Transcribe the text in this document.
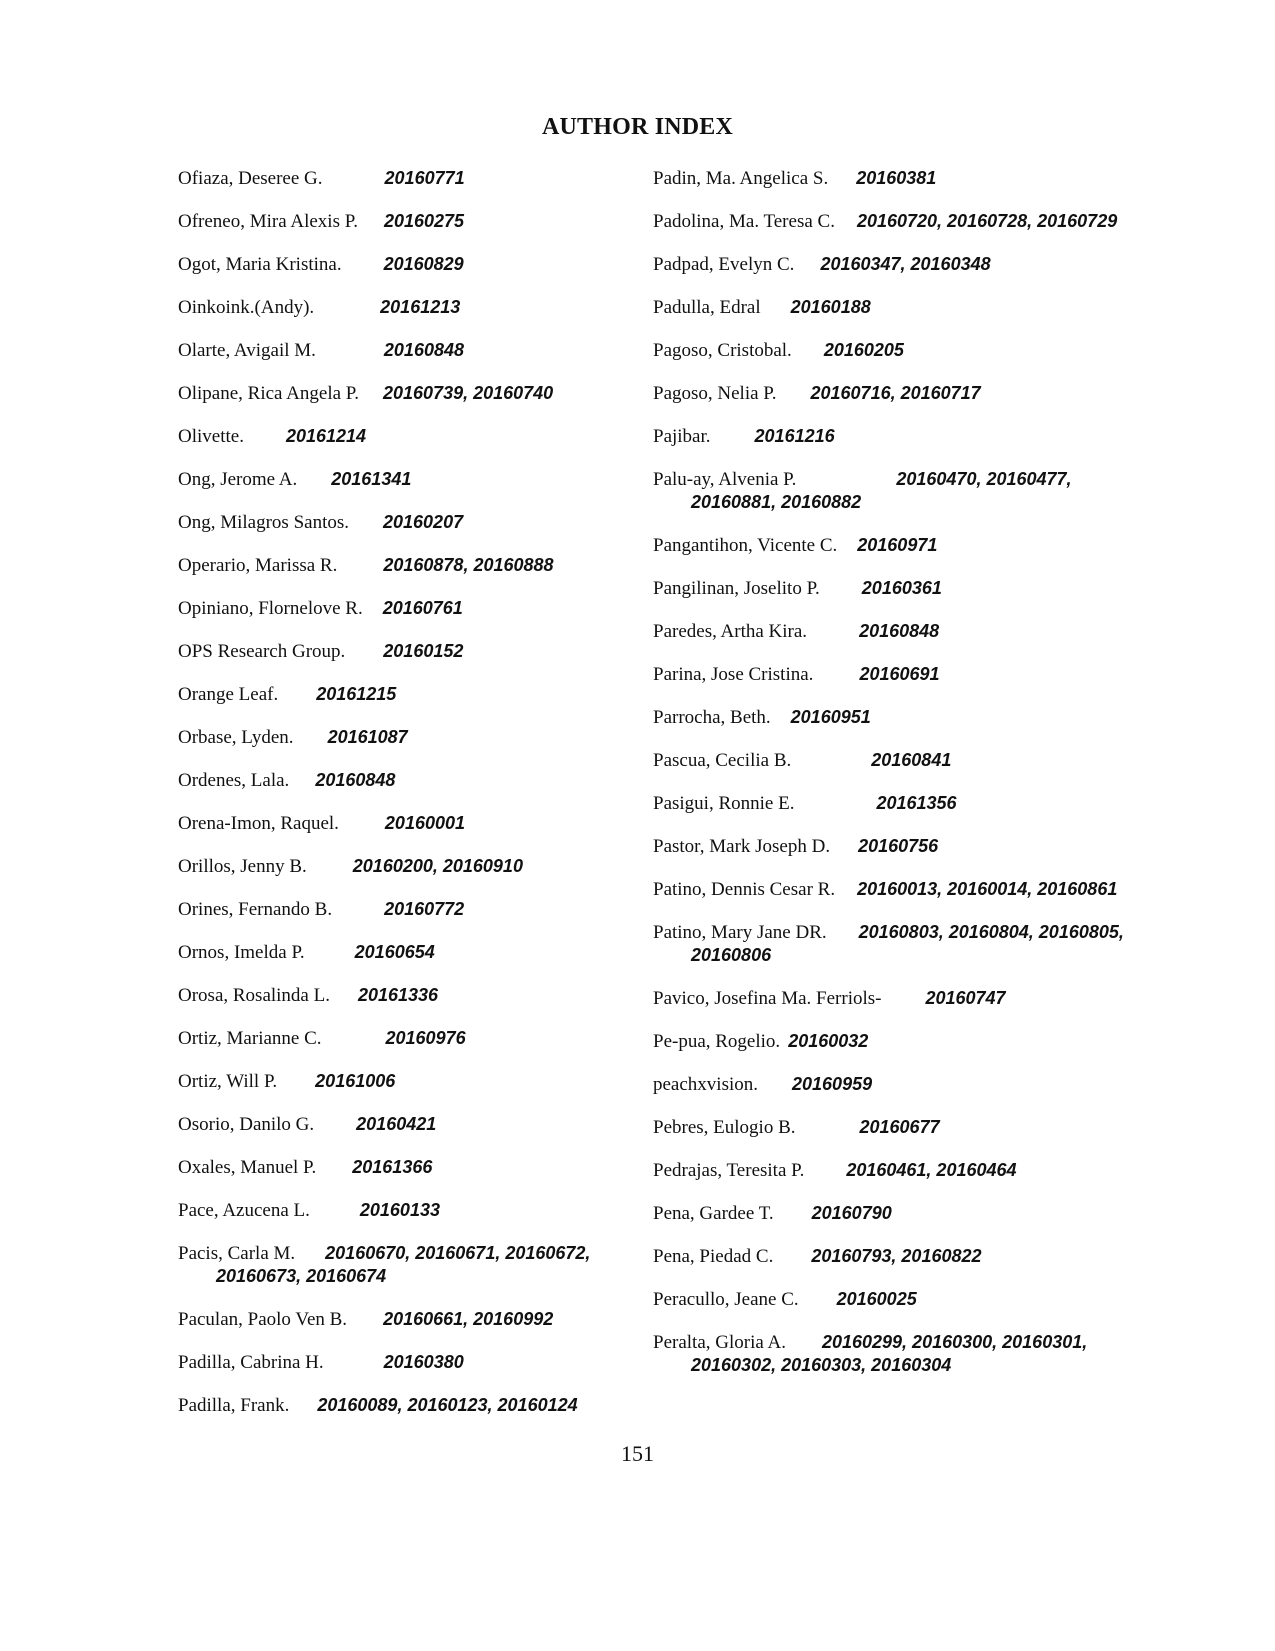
AUTHOR INDEX
Ofiaza, Deseree G.	20160771
Ofreneo, Mira Alexis P. 20160275
Ogot, Maria Kristina. 20160829
Oinkoink.(Andy).	20161213
Olarte, Avigail M.	20160848
Olipane, Rica Angela P. 20160739, 20160740
Olivette. 20161214
Ong, Jerome A. 20161341
Ong, Milagros Santos. 20160207
Operario, Marissa R.	20160878, 20160888
Opiniano, Flornelove R. 20160761
OPS Research Group. 20160152
Orange Leaf. 20161215
Orbase, Lyden. 20161087
Ordenes, Lala. 20160848
Orena-Imon, Raquel.	20160001
Orillos, Jenny B.	20160200, 20160910
Orines, Fernando B.	20160772
Ornos, Imelda P.	20160654
Orosa, Rosalinda L. 20161336
Ortiz, Marianne C.	20160976
Ortiz, Will P. 20161006
Osorio, Danilo G. 20160421
Oxales, Manuel P. 20161366
Pace, Azucena L.	20160133
Pacis, Carla M. 20160670, 20160671, 20160672, 20160673, 20160674
Paculan, Paolo Ven B. 20160661, 20160992
Padilla, Cabrina H.	20160380
Padilla, Frank. 20160089, 20160123, 20160124
Padin, Ma. Angelica S. 20160381
Padolina, Ma. Teresa C. 20160720, 20160728, 20160729
Padpad, Evelyn C. 20160347, 20160348
Padulla, Edral 20160188
Pagoso, Cristobal. 20160205
Pagoso, Nelia P. 20160716, 20160717
Pajibar. 20161216
Palu-ay, Alvenia P.	20160470, 20160477, 20160881, 20160882
Pangantihon, Vicente C. 20160971
Pangilinan, Joselito P. 20160361
Paredes, Artha Kira.	20160848
Parina, Jose Cristina.	20160691
Parrocha, Beth. 20160951
Pascua, Cecilia B.	20160841
Pasigui, Ronnie E.	20161356
Pastor, Mark Joseph D. 20160756
Patino, Dennis Cesar R. 20160013, 20160014, 20160861
Patino, Mary Jane DR. 20160803, 20160804, 20160805, 20160806
Pavico, Josefina Ma. Ferriols- 20160747
Pe-pua, Rogelio. 20160032
peachxvision. 20160959
Pebres, Eulogio B.	20160677
Pedrajas, Teresita P. 20160461, 20160464
Pena, Gardee T. 20160790
Pena, Piedad C. 20160793, 20160822
Peracullo, Jeane C. 20160025
Peralta, Gloria A. 20160299, 20160300, 20160301, 20160302, 20160303, 20160304
151
